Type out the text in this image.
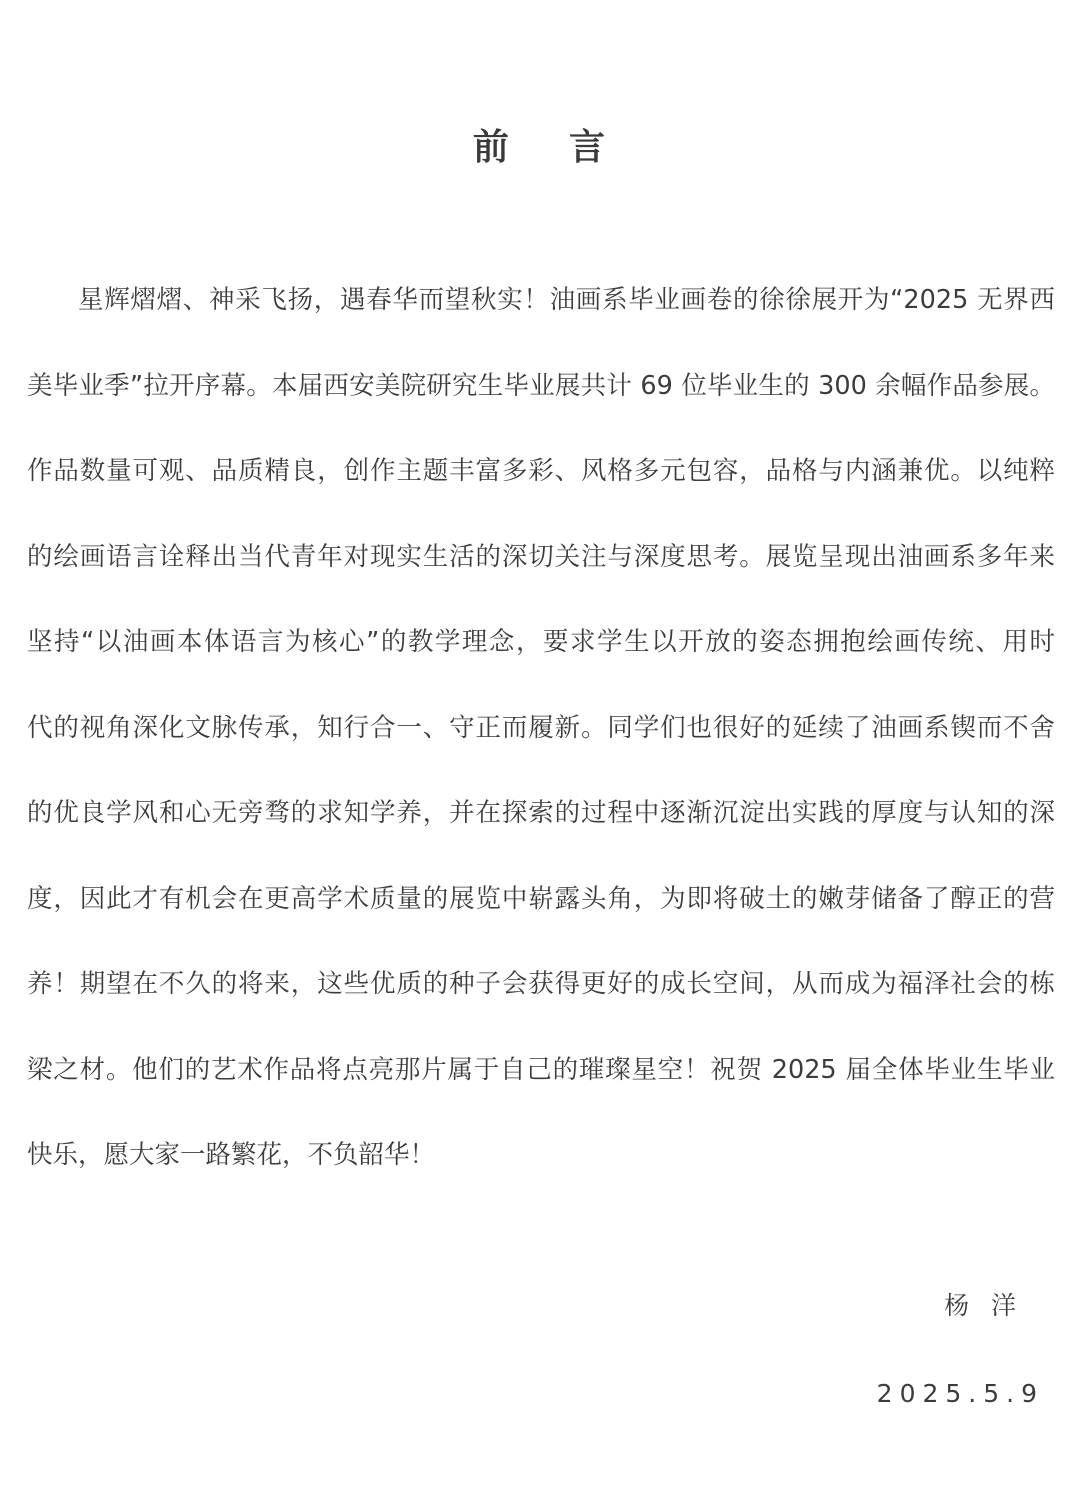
前    言
星辉熠熠、神采飞扬，遇春华而望秋实！油画系毕业画卷的徐徐展开为“2025 无界西
美毕业季”拉开序幕。本届西安美院研究生毕业展共计 69 位毕业生的 300 余幅作品参展。
作品数量可观、品质精良，创作主题丰富多彩、风格多元包容，品格与内涵兼优。以纯粹
的绘画语言诠释出当代青年对现实生活的深切关注与深度思考。展览呈现出油画系多年来
坚持“以油画本体语言为核心”的教学理念，要求学生以开放的姿态拥抱绘画传统、用时
代的视角深化文脉传承，知行合一、守正而履新。同学们也很好的延续了油画系锲而不舍
的优良学风和心无旁骛的求知学养，并在探索的过程中逐渐沉淀出实践的厚度与认知的深
度，因此才有机会在更高学术质量的展览中崭露头角，为即将破土的嫩芽储备了醇正的营
养！期望在不久的将来，这些优质的种子会获得更好的成长空间，从而成为福泽社会的栋
梁之材。他们的艺术作品将点亮那片属于自己的璀璨星空！祝贺 2025 届全体毕业生毕业
快乐，愿大家一路繁花，不负韶华！
杨  洋
2025.5.9
